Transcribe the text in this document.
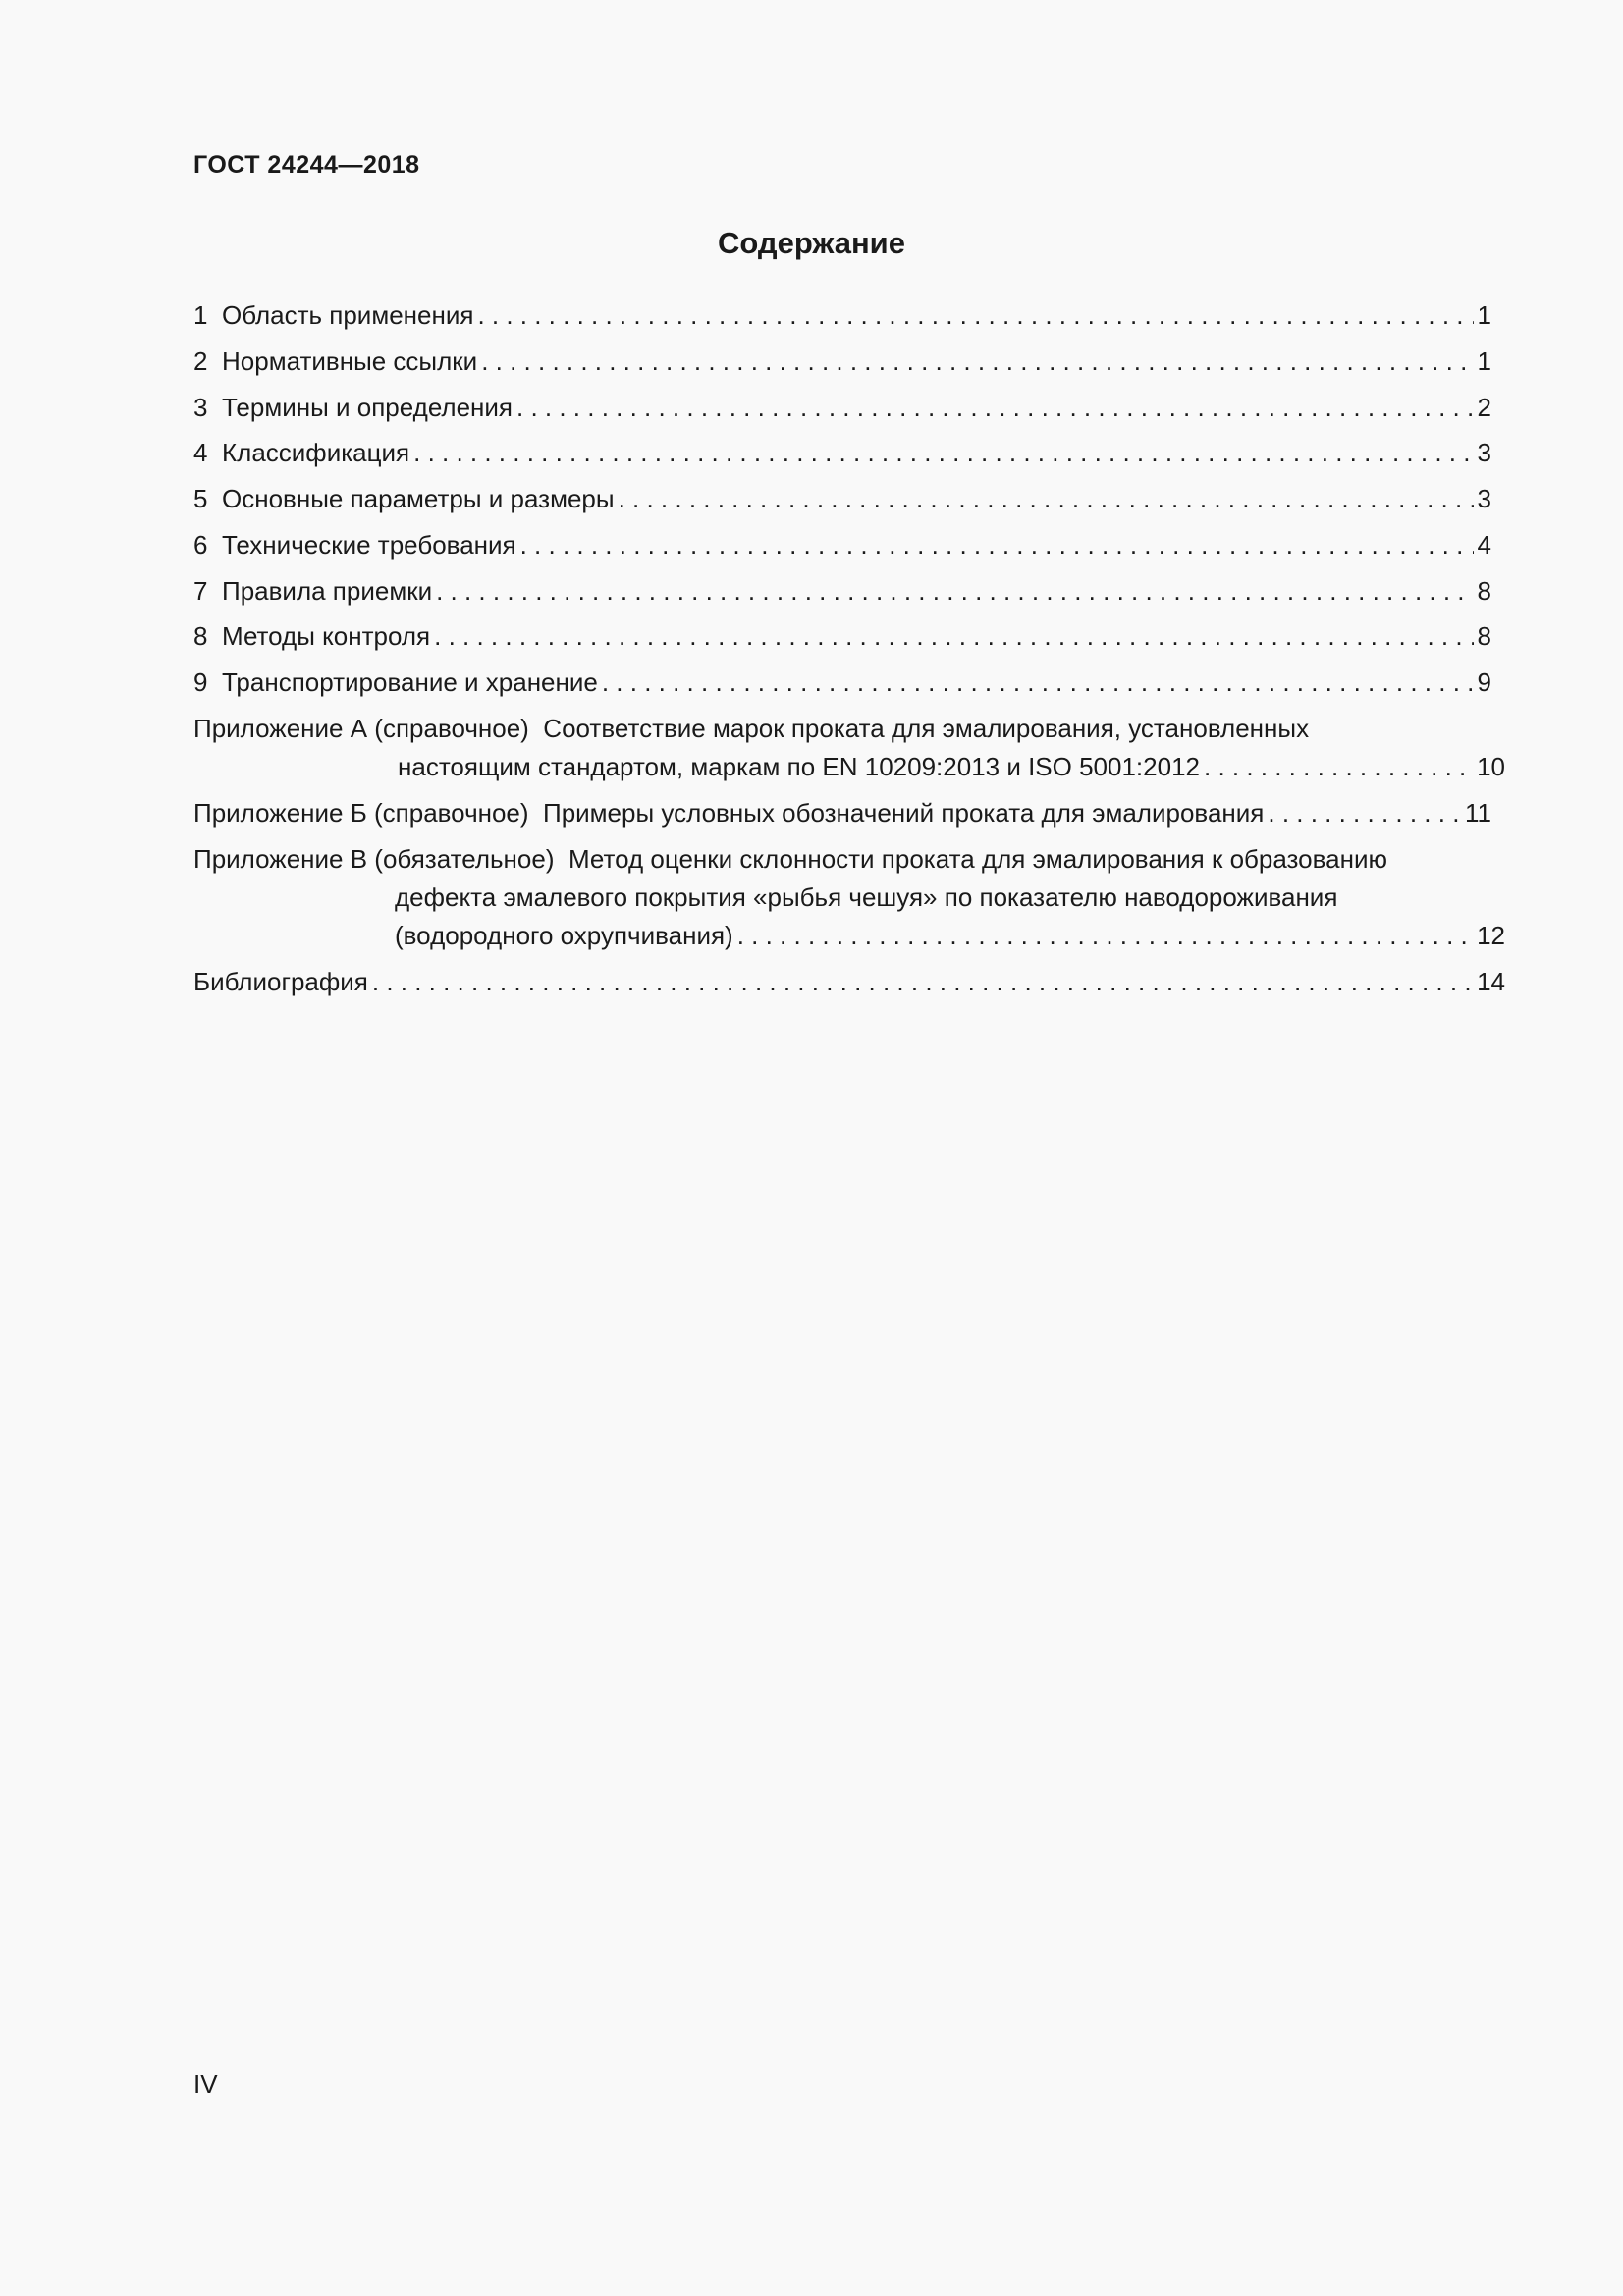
ГОСТ 24244—2018
Содержание
1 Область применения . . .	1
2 Нормативные ссылки . . .	1
3 Термины и определения . . .	2
4 Классификация . . .	3
5 Основные параметры и размеры . . .	3
6 Технические требования . . .	4
7 Правила приемки . . .	8
8 Методы контроля . . .	8
9 Транспортирование и хранение . . .	9
Приложение А (справочное) Соответствие марок проката для эмалирования, установленных
настоящим стандартом, маркам по EN 10209:2013 и ISO 5001:2012 . . .	10
Приложение Б (справочное)
Примеры условных обозначений проката для эмалирования . . .	11
Приложение В (обязательное) Метод оценки склонности проката для эмалирования к образованию
дефекта эмалевого покрытия «рыбья чешуя» по показателю наводороживания
(водородного охрупчивания) . . .	12
Библиография . . .	14
IV
